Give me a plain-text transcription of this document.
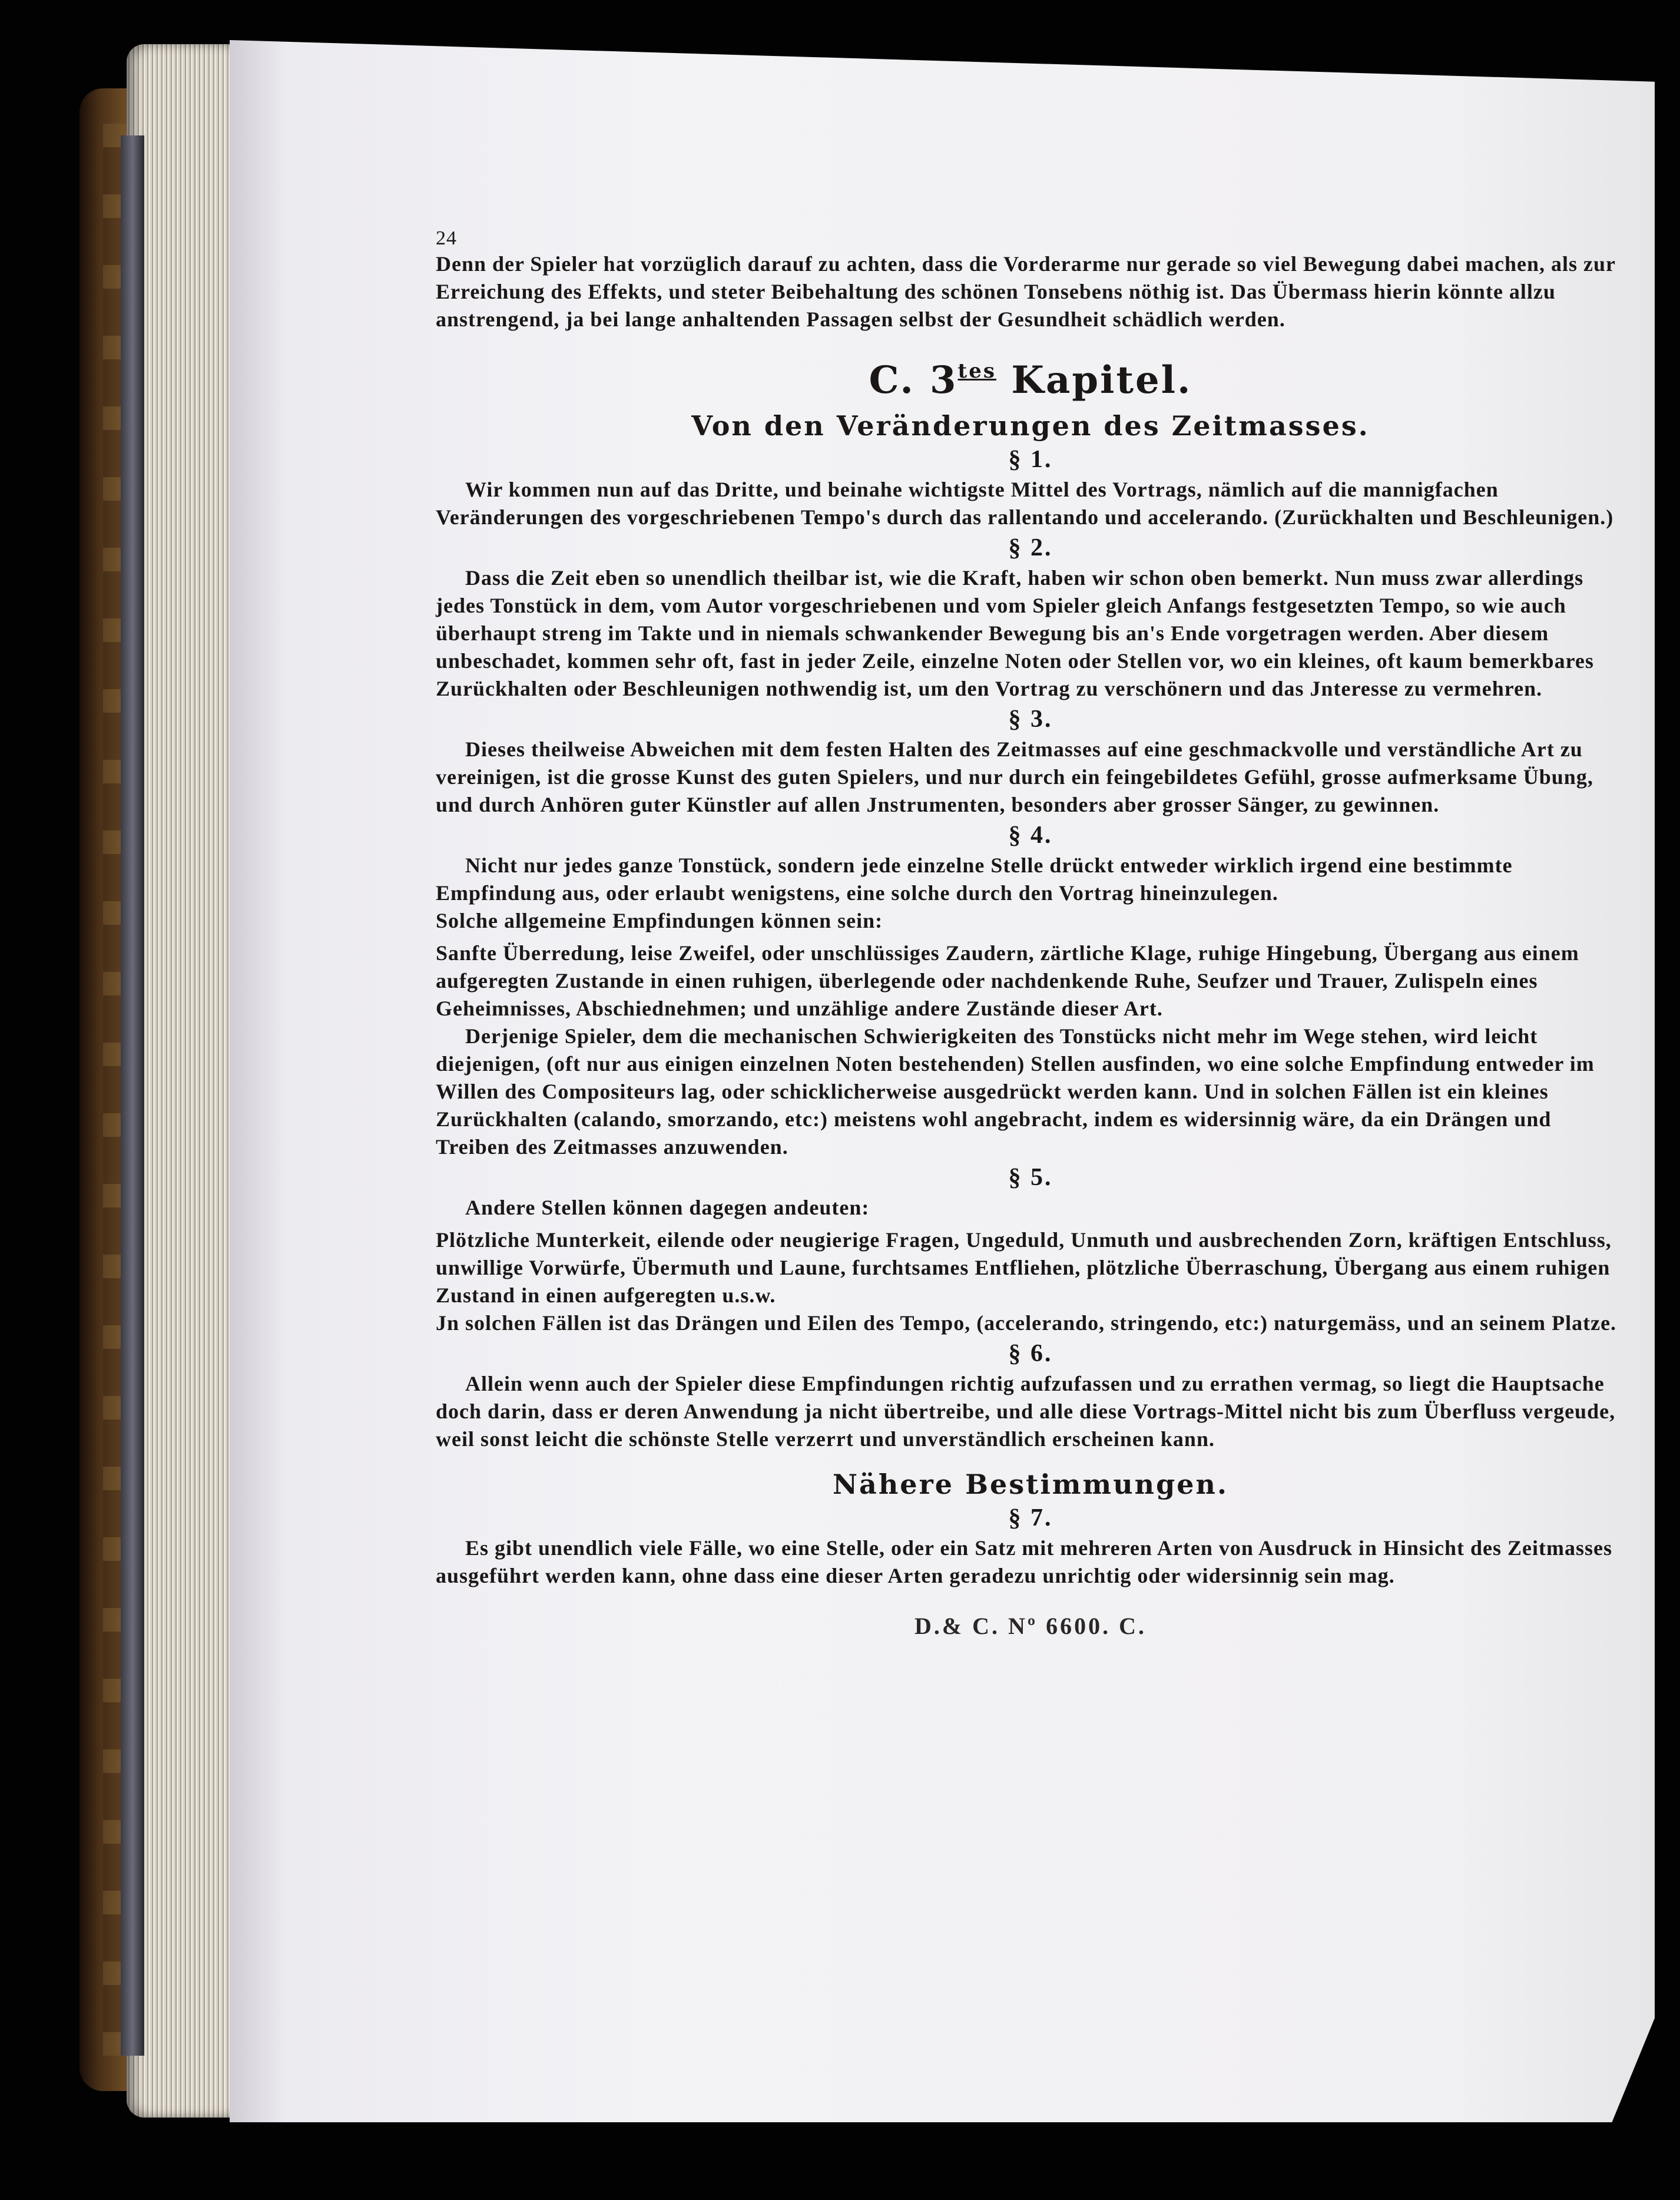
24

Denn der Spieler hat vorzüglich darauf zu achten, dass die Vorderarme nur gerade so viel Bewegung dabei machen, als zur Erreichung des Effekts, und steter Beibehaltung des schönen Tonsebens nöthig ist. Das Übermass hierin könnte allzu anstrengend, ja bei lange anhaltenden Passagen selbst der Gesundheit schädlich werden.

C. $3^{tes}$ Kapitel.

Von den Veränderungen des Zeitmasses.

§ 1.

Wir kommen nun auf das Dritte, und beinahe wichtigste Mittel des Vortrags, nämlich auf die mannigfachen Veränderungen des vorgeschriebenen Tempo's durch das rallentando und accelerando. (Zurückhalten und Beschleunigen.)

§ 2.

Dass die Zeit eben so unendlich theilbar ist, wie die Kraft, haben wir schon oben bemerkt. Nun muss zwar allerdings jedes Tonstück in dem, vom Autor vorgeschriebenen und vom Spieler gleich Anfangs festgesetzten Tempo, so wie auch überhaupt streng im Takte und in niemals schwankender Bewegung bis an's Ende vorgetragen werden. Aber diesem unbeschadet, kommen sehr oft, fast in jeder Zeile, einzelne Noten oder Stellen vor, wo ein kleines, oft kaum bemerkbares Zurückhalten oder Beschleunigen nothwendig ist, um den Vortrag zu verschönern und das Jnteresse zu vermehren.

§ 3.

Dieses theilweise Abweichen mit dem festen Halten des Zeitmasses auf eine geschmackvolle und verständliche Art zu vereinigen, ist die grosse Kunst des guten Spielers, und nur durch ein feingebildetes Gefühl, grosse aufmerksame Übung, und durch Anhören guter Künstler auf allen Jnstrumenten, besonders aber grosser Sänger, zu gewinnen.

§ 4.

Nicht nur jedes ganze Tonstück, sondern jede einzelne Stelle drückt entweder wirklich irgend eine bestimmte Empfindung aus, oder erlaubt wenigstens, eine solche durch den Vortrag hineinzulegen.

Solche allgemeine Empfindungen können sein:

Sanfte Überredung, leise Zweifel, oder unschlüssiges Zaudern, zärtliche Klage, ruhige Hingebung, Übergang aus einem aufgeregten Zustande in einen ruhigen, überlegende oder nachdenkende Ruhe, Seufzer und Trauer, Zulispeln eines Geheimnisses, Abschiednehmen; und unzählige andere Zustände dieser Art.

Derjenige Spieler, dem die mechanischen Schwierigkeiten des Tonstücks nicht mehr im Wege stehen, wird leicht diejenigen, (oft nur aus einigen einzelnen Noten bestehenden) Stellen ausfinden, wo eine solche Empfindung entweder im Willen des Compositeurs lag, oder schicklicherweise ausgedrückt werden kann. Und in solchen Fällen ist ein kleines Zurückhalten (calando, smorzando, etc:) meistens wohl angebracht, indem es widersinnig wäre, da ein Drängen und Treiben des Zeitmasses anzuwenden.

§ 5.

Andere Stellen können dagegen andeuten:

Plötzliche Munterkeit, eilende oder neugierige Fragen, Ungeduld, Unmuth und ausbrechenden Zorn, kräftigen Entschluss, unwillige Vorwürfe, Übermuth und Laune, furchtsames Entfliehen, plötzliche Überraschung, Übergang aus einem ruhigen Zustand in einen aufgeregten u.s.w.

Jn solchen Fällen ist das Drängen und Eilen des Tempo, (accelerando, stringendo, etc:) naturgemäss, und an seinem Platze.

§ 6.

Allein wenn auch der Spieler diese Empfindungen richtig aufzufassen und zu errathen vermag, so liegt die Hauptsache doch darin, dass er deren Anwendung ja nicht übertreibe, und alle diese Vortrags-Mittel nicht bis zum Überfluss vergeude, weil sonst leicht die schönste Stelle verzerrt und unverständlich erscheinen kann.

Nähere Bestimmungen.

§ 7.

Es gibt unendlich viele Fälle, wo eine Stelle, oder ein Satz mit mehreren Arten von Ausdruck in Hinsicht des Zeitmasses ausgeführt werden kann, ohne dass eine dieser Arten geradezu unrichtig oder widersinnig sein mag.

D.& C. Nº 6600. C.
